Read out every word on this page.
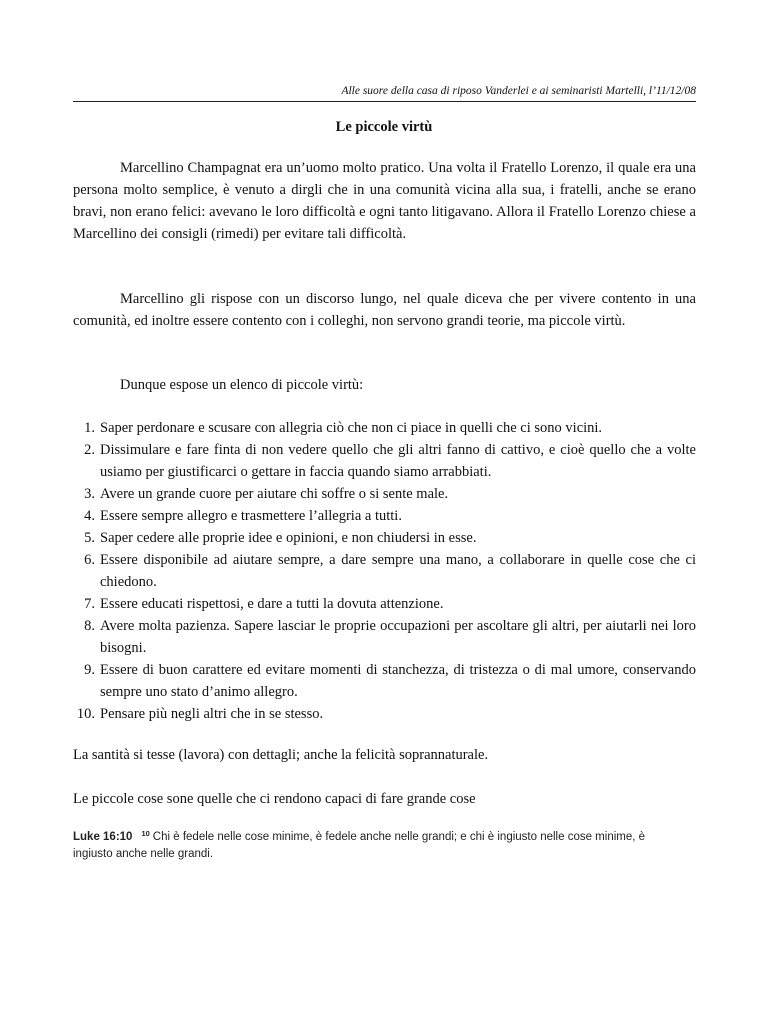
Alle suore della casa di riposo Vanderlei e ai seminaristi Martelli, l’11/12/08
Le piccole virtù

Marcellino Champagnat era un’uomo molto pratico. Una volta il Fratello Lorenzo, il quale era una persona molto semplice, è venuto a dirgli che in una comunità vicina alla sua, i fratelli, anche se erano bravi, non erano felici: avevano le loro difficoltà e ogni tanto litigavano. Allora il Fratello Lorenzo chiese a Marcellino dei consigli (rimedi) per evitare tali difficoltà.

Marcellino gli rispose con un discorso lungo, nel quale diceva che per vivere contento in una comunità, ed inoltre essere contento con i colleghi, non servono grandi teorie, ma piccole virtù.

Dunque espose un elenco di piccole virtù:

1. Saper perdonare e scusare con allegria ciò che non ci piace in quelli che ci sono vicini.
2. Dissimulare e fare finta di non vedere quello che gli altri fanno di cattivo, e cioè quello che a volte usiamo per giustificarci o gettare in faccia quando siamo arrabbiati.
3. Avere un grande cuore per aiutare chi soffre o si sente male.
4. Essere sempre allegro e trasmettere l’allegria a tutti.
5. Saper cedere alle proprie idee e opinioni, e non chiudersi in esse.
6. Essere disponibile ad aiutare sempre, a dare sempre una mano, a collaborare in quelle cose che ci chiedono.
7. Essere educati rispettosi, e dare a tutti la dovuta attenzione.
8. Avere molta pazienza. Sapere lasciar le proprie occupazioni per ascoltare gli altri, per aiutarli nei loro bisogni.
9. Essere di buon carattere ed evitare momenti di stanchezza, di tristezza o di mal umore, conservando sempre uno stato d’animo allegro.
10. Pensare più negli altri che in se stesso.

La santità si tesse (lavora) con dettagli; anche la felicità soprannaturale.

Le piccole cose sone quelle che ci rendono capaci di fare grande cose

Luke 16:10 $^{10}$ Chi è fedele nelle cose minime, è fedele anche nelle grandi; e chi è ingiusto nelle cose minime, è ingiusto anche nelle grandi.
